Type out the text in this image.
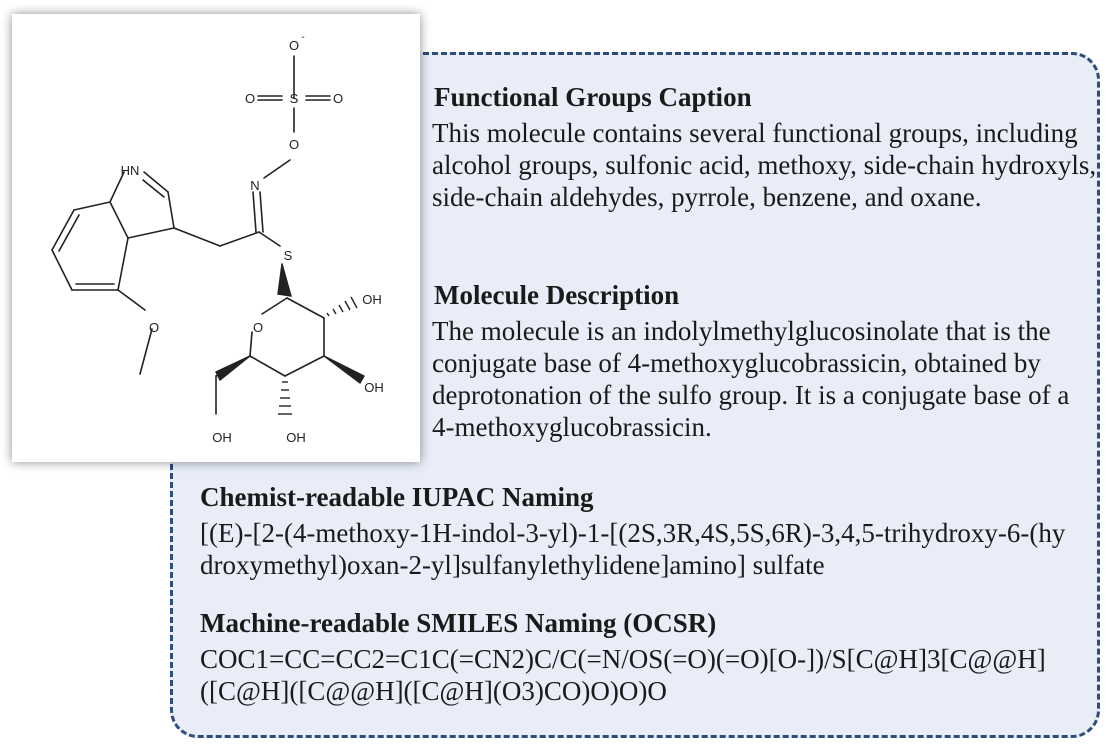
O
-
O	S	O
O
N
HN
S
OH
O
O
OH
OH	OH
Functional Groups Caption
This molecule contains several functional groups, including alcohol groups, sulfonic acid, methoxy, side-chain hydroxyls, side-chain aldehydes, pyrrole, benzene, and oxane.
Molecule Description
The molecule is an indolylmethylglucosinolate that is the conjugate base of 4-methoxyglucobrassicin, obtained by deprotonation of the sulfo group. It is a conjugate base of a 4-methoxyglucobrassicin.
Chemist-readable IUPAC Naming
[(E)-[2-(4-methoxy-1H-indol-3-yl)-1-[(2S,3R,4S,5S,6R)-3,4,5-trihydroxy-6-(hydroxymethyl)oxan-2-yl]sulfanylethylidene]amino] sulfate
Machine-readable SMILES Naming (OCSR)
COC1=CC=CC2=C1C(=CN2)C/C(=N/OS(=O)(=O)[O-])/S[C@H]3[C@@H]([C@H]([C@@H]([C@H](O3)CO)O)O)O
